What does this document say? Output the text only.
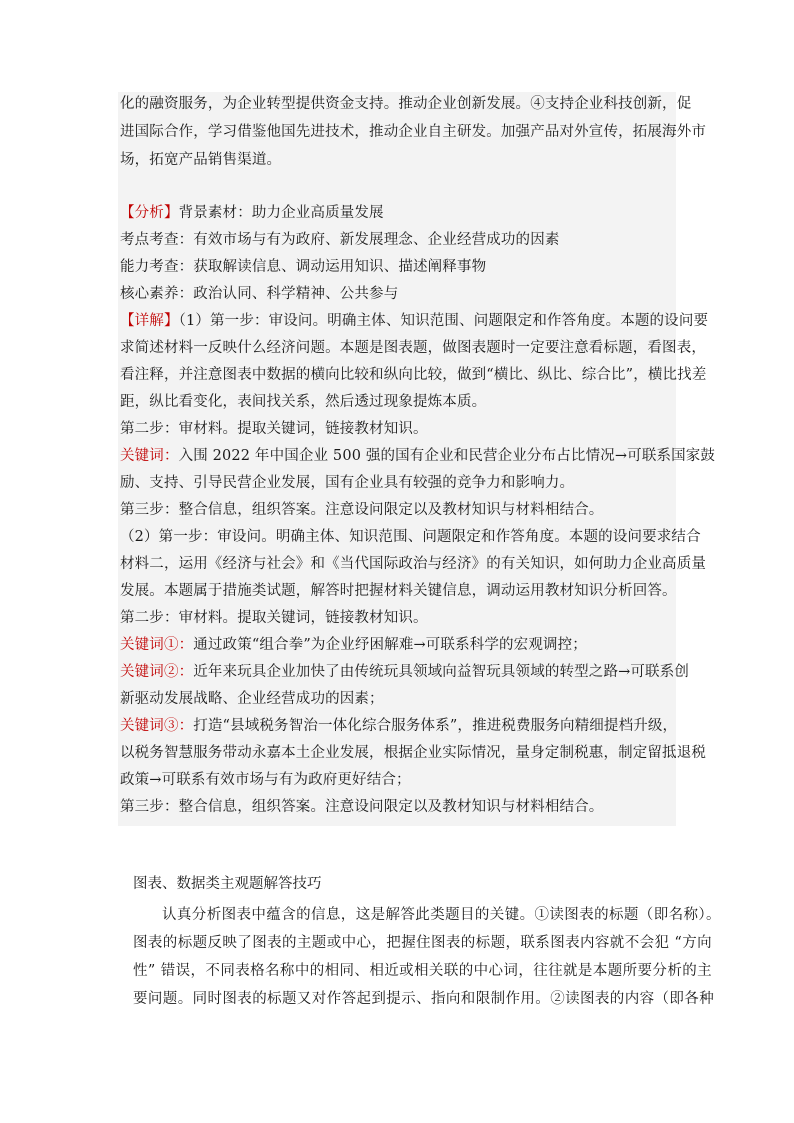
化的融资服务，为企业转型提供资金支持。推动企业创新发展。④支持企业科技创新，促
进国际合作，学习借鉴他国先进技术，推动企业自主研发。加强产品对外宣传，拓展海外市
场，拓宽产品销售渠道。
【分析】背景素材：助力企业高质量发展
考点考查：有效市场与有为政府、新发展理念、企业经营成功的因素
能力考查：获取解读信息、调动运用知识、描述阐释事物
核心素养：政治认同、科学精神、公共参与
【详解】（1）第一步：审设问。明确主体、知识范围、问题限定和作答角度。本题的设问要
求简述材料一反映什么经济问题。本题是图表题，做图表题时一定要注意看标题，看图表，
看注释，并注意图表中数据的横向比较和纵向比较，做到“横比、纵比、综合比”，横比找差
距，纵比看变化，表间找关系，然后透过现象提炼本质。
第二步：审材料。提取关键词，链接教材知识。
关键词：入围 2022 年中国企业 500 强的国有企业和民营企业分布占比情况→可联系国家鼓
励、支持、引导民营企业发展，国有企业具有较强的竞争力和影响力。
第三步：整合信息，组织答案。注意设问限定以及教材知识与材料相结合。
（2）第一步：审设问。明确主体、知识范围、问题限定和作答角度。本题的设问要求结合
材料二，运用《经济与社会》和《当代国际政治与经济》的有关知识，如何助力企业高质量
发展。本题属于措施类试题，解答时把握材料关键信息，调动运用教材知识分析回答。
第二步：审材料。提取关键词，链接教材知识。
关键词①：通过政策“组合拳”为企业纾困解难→可联系科学的宏观调控；
关键词②：近年来玩具企业加快了由传统玩具领域向益智玩具领域的转型之路→可联系创
新驱动发展战略、企业经营成功的因素；
关键词③：打造“县域税务智治一体化综合服务体系”，推进税费服务向精细提档升级，
以税务智慧服务带动永嘉本土企业发展，根据企业实际情况，量身定制税惠，制定留抵退税
政策→可联系有效市场与有为政府更好结合；
第三步：整合信息，组织答案。注意设问限定以及教材知识与材料相结合。
图表、数据类主观题解答技巧
认真分析图表中蕴含的信息，这是解答此类题目的关键。①读图表的标题（即名称）。
图表的标题反映了图表的主题或中心，把握住图表的标题，联系图表内容就不会犯 “方向
性” 错误，不同表格名称中的相同、相近或相关联的中心词，往往就是本题所要分析的主
要问题。同时图表的标题又对作答起到提示、指向和限制作用。②读图表的内容（即各种
